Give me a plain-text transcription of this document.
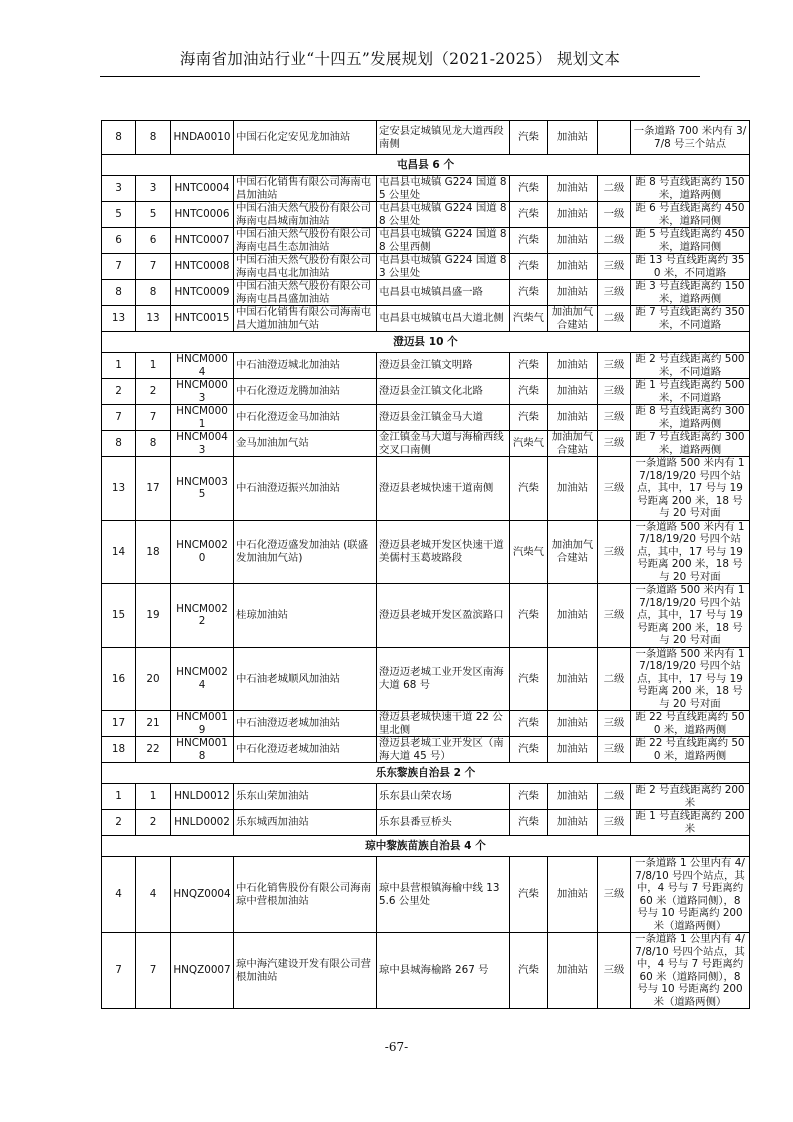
海南省加油站行业“十四五”发展规划（2021-2025） 规划文本
8	8	HNDA0010	中国石化定安见龙加油站	定安县定城镇见龙大道西段南侧	汽柴	加油站		一条道路 700 米内有 3/7/8 号三个站点
屯昌县 6 个								
3	3	HNTC0004	中国石化销售有限公司海南屯昌加油站	屯昌县屯城镇 G224 国道 85 公里处	汽柴	加油站	二级	距 8 号直线距离约 150 米，道路两侧
5	5	HNTC0006	中国石油天然气股份有限公司海南屯昌城南加油站	屯昌县屯城镇 G224 国道 88 公里处	汽柴	加油站	一级	距 6 号直线距离约 450 米，道路同侧
6	6	HNTC0007	中国石油天然气股份有限公司海南屯昌生态加油站	屯昌县屯城镇 G224 国道 88 公里西侧	汽柴	加油站	二级	距 5 号直线距离约 450 米，道路同侧
7	7	HNTC0008	中国石油天然气股份有限公司海南屯昌屯北加油站	屯昌县屯城镇 G224 国道 83 公里处	汽柴	加油站	三级	距 13 号直线距离约 350 米，不同道路
8	8	HNTC0009	中国石油天然气股份有限公司海南屯昌昌盛加油站	屯昌县屯城镇昌盛一路	汽柴	加油站	三级	距 3 号直线距离约 150 米，道路两侧
13	13	HNTC0015	中国石化销售有限公司海南屯昌大道加油加气站	屯昌县屯城镇屯昌大道北侧	汽柴气	加油加气合建站	二级	距 7 号直线距离约 350 米，不同道路
澄迈县 10 个								
1	1	HNCM0004	中石油澄迈城北加油站	澄迈县金江镇文明路	汽柴	加油站	三级	距 2 号直线距离约 500 米，不同道路
2	2	HNCM0003	中石化澄迈龙腾加油站	澄迈县金江镇文化北路	汽柴	加油站	三级	距 1 号直线距离约 500 米，不同道路
7	7	HNCM0001	中石化澄迈金马加油站	澄迈县金江镇金马大道	汽柴	加油站	三级	距 8 号直线距离约 300 米，道路两侧
8	8	HNCM0043	金马加油加气站	金江镇金马大道与海榆西线交叉口南侧	汽柴气	加油加气合建站	三级	距 7 号直线距离约 300 米，道路两侧
13	17	HNCM0035	中石油澄迈振兴加油站	澄迈县老城快速干道南侧	汽柴	加油站	三级	一条道路 500 米内有 17/18/19/20 号四个站点，其中，17 号与 19 号距离 200 米，18 号与 20 号对面
14	18	HNCM0020	中石化澄迈盛发加油站 (联盛发加油加气站)	澄迈县老城开发区快速干道美儒村玉葛坡路段	汽柴气	加油加气合建站	三级	一条道路 500 米内有 17/18/19/20 号四个站点，其中，17 号与 19 号距离 200 米，18 号与 20 号对面
15	19	HNCM0022	桂琼加油站	澄迈县老城开发区盈滨路口	汽柴	加油站	三级	一条道路 500 米内有 17/18/19/20 号四个站点，其中，17 号与 19 号距离 200 米，18 号与 20 号对面
16	20	HNCM0024	中石油老城顺风加油站	澄迈迈老城工业开发区南海大道 68 号	汽柴	加油站	二级	一条道路 500 米内有 17/18/19/20 号四个站点，其中，17 号与 19 号距离 200 米，18 号与 20 号对面
17	21	HNCM0019	中石油澄迈老城加油站	澄迈县老城快速干道 22 公里北侧	汽柴	加油站	三级	距 22 号直线距离约 500 米，道路两侧
18	22	HNCM0018	中石化澄迈老城加油站	澄迈县老城工业开发区（南海大道 45 号）	汽柴	加油站	三级	距 22 号直线距离约 500 米，道路两侧
乐东黎族自治县 2 个								
1	1	HNLD0012	乐东山荣加油站	乐东县山荣农场	汽柴	加油站	二级	距 2 号直线距离约 200 米
2	2	HNLD0002	乐东城西加油站	乐东县番豆桥头	汽柴	加油站	三级	距 1 号直线距离约 200 米
琼中黎族苗族自治县 4 个								
4	4	HNQZ0004	中石化销售股份有限公司海南琼中营根加油站	琼中县营根镇海榆中线 135.6 公里处	汽柴	加油站	三级	一条道路 1 公里内有 4/7/8/10 号四个站点，其中，4 号与 7 号距离约 60 米（道路同侧），8 号与 10 号距离约 200 米（道路两侧）
7	7	HNQZ0007	琼中海汽建设开发有限公司营根加油站	琼中县城海榆路 267 号	汽柴	加油站	三级	一条道路 1 公里内有 4/7/8/10 号四个站点，其中，4 号与 7 号距离约 60 米（道路同侧），8 号与 10 号距离约 200 米（道路两侧）
-67-
